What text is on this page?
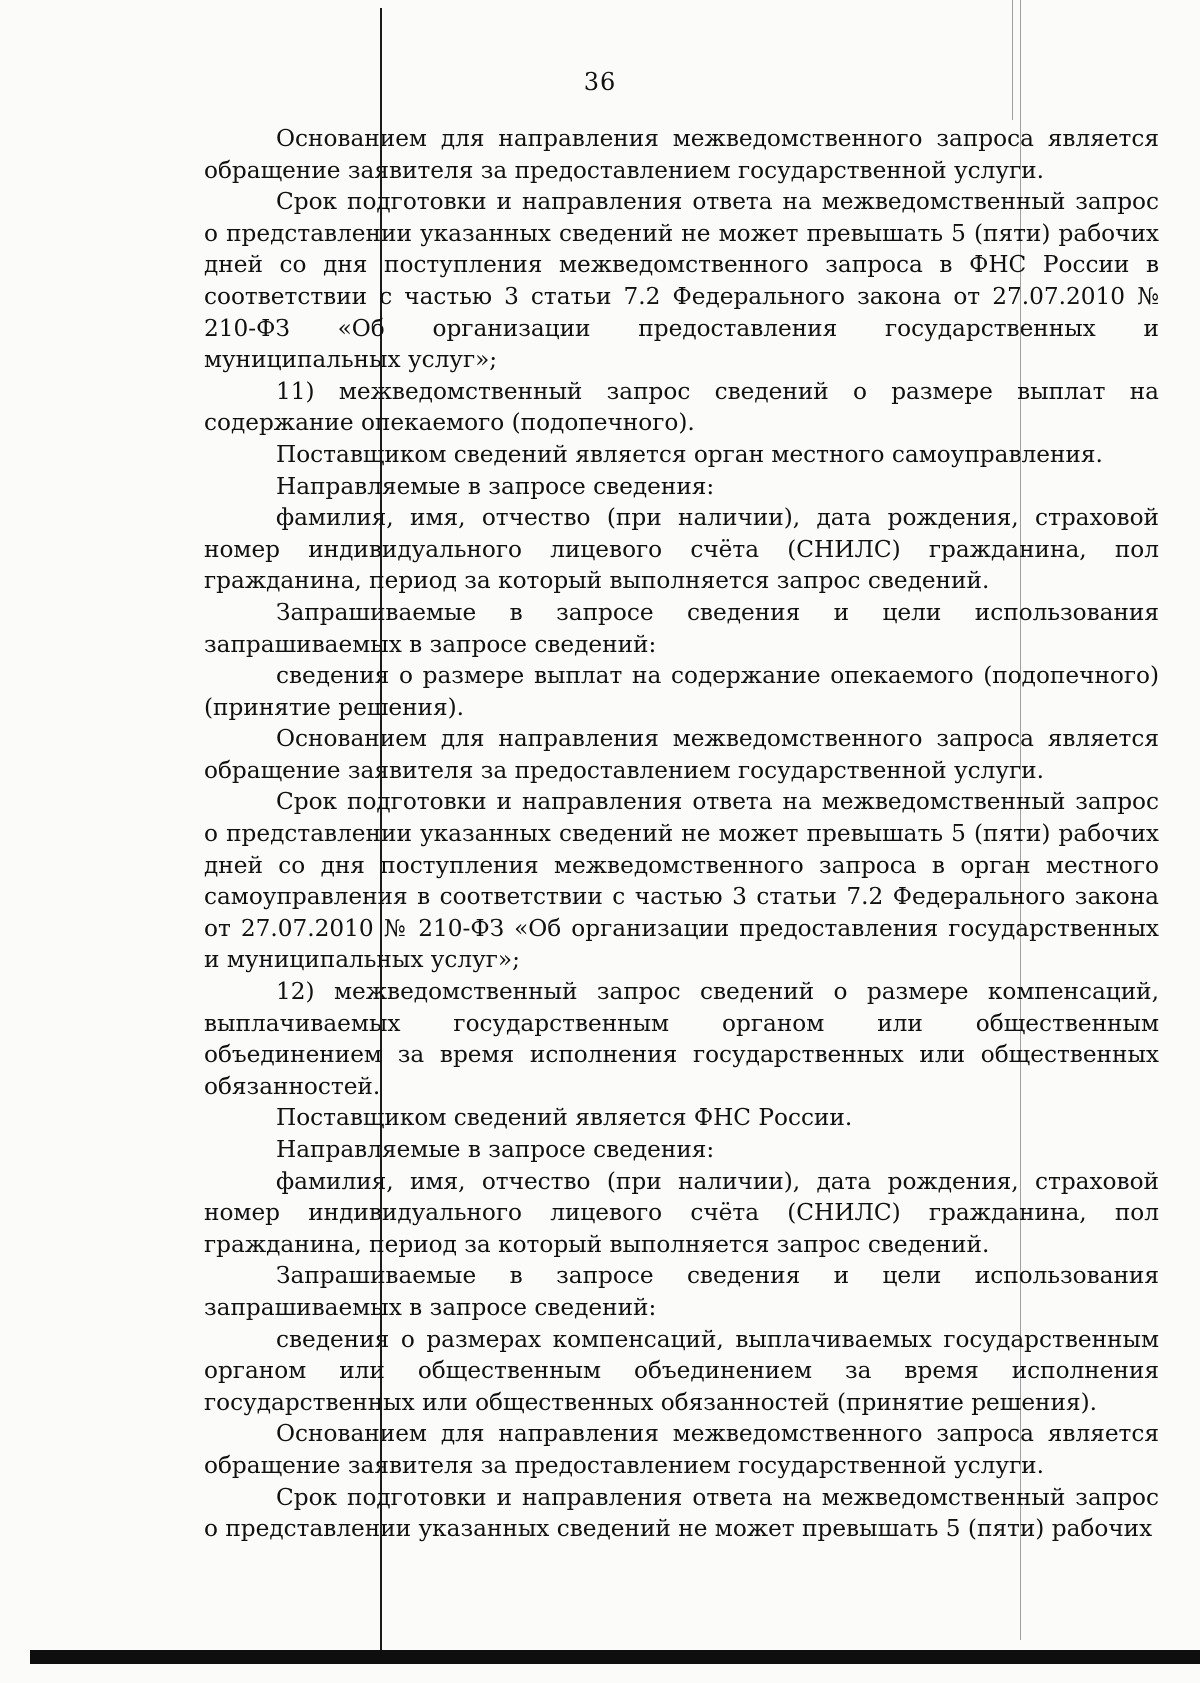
36

Основанием для направления межведомственного запроса является обращение заявителя за предоставлением государственной услуги.

Срок подготовки и направления ответа на межведомственный запрос о представлении указанных сведений не может превышать 5 (пяти) рабочих дней со дня поступления межведомственного запроса в ФНС России в соответствии с частью 3 статьи 7.2 Федерального закона от 27.07.2010 № 210-ФЗ «Об организации предоставления государственных и муниципальных услуг»;

11) межведомственный запрос сведений о размере выплат на содержание опекаемого (подопечного).

Поставщиком сведений является орган местного самоуправления.

Направляемые в запросе сведения:

фамилия, имя, отчество (при наличии), дата рождения, страховой номер индивидуального лицевого счёта (СНИЛС) гражданина, пол гражданина, период за который выполняется запрос сведений.

Запрашиваемые в запросе сведения и цели использования запрашиваемых в запросе сведений:

сведения о размере выплат на содержание опекаемого (подопечного) (принятие решения).

Основанием для направления межведомственного запроса является обращение заявителя за предоставлением государственной услуги.

Срок подготовки и направления ответа на межведомственный запрос о представлении указанных сведений не может превышать 5 (пяти) рабочих дней со дня поступления межведомственного запроса в орган местного самоуправления в соответствии с частью 3 статьи 7.2 Федерального закона от 27.07.2010 № 210-ФЗ «Об организации предоставления государственных и муниципальных услуг»;

12) межведомственный запрос сведений о размере компенсаций, выплачиваемых государственным органом или общественным объединением за время исполнения государственных или общественных обязанностей.

Поставщиком сведений является ФНС России.

Направляемые в запросе сведения:

фамилия, имя, отчество (при наличии), дата рождения, страховой номер индивидуального лицевого счёта (СНИЛС) гражданина, пол гражданина, период за который выполняется запрос сведений.

Запрашиваемые в запросе сведения и цели использования запрашиваемых в запросе сведений:

сведения о размерах компенсаций, выплачиваемых государственным органом или общественным объединением за время исполнения государственных или общественных обязанностей (принятие решения).

Основанием для направления межведомственного запроса является обращение заявителя за предоставлением государственной услуги.

Срок подготовки и направления ответа на межведомственный запрос о представлении указанных сведений не может превышать 5 (пяти) рабочих
